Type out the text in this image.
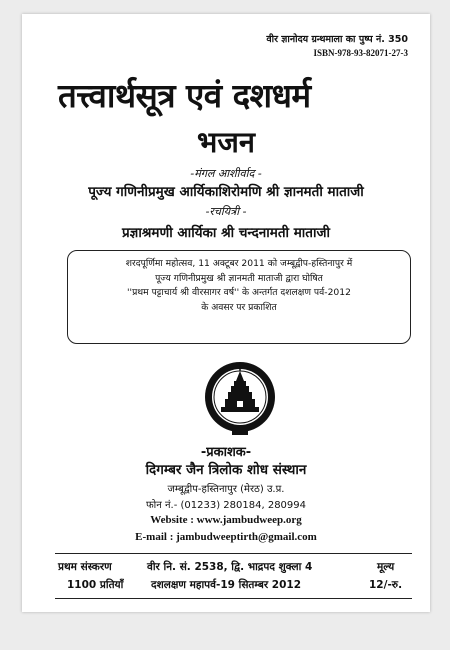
वीर ज्ञानोदय ग्रन्थमाला का पुष्प नं. 350
ISBN-978-93-82071-27-3
तत्त्वार्थसूत्र एवं दशधर्म
भजन
-मंगल आशीर्वाद -
पूज्य गणिनीप्रमुख आर्यिकाशिरोमणि श्री ज्ञानमती माताजी
-रचयित्री -
प्रज्ञाश्रमणी आर्यिका श्री चन्दनामती माताजी
शरदपूर्णिमा महोत्सव, 11 अक्टूबर 2011 को जम्बूद्वीप-हस्तिनापुर में
पूज्य गणिनीप्रमुख श्री ज्ञानमती माताजी द्वारा घोषित
''प्रथम पट्टाचार्य श्री वीरसागर वर्ष'' के अन्तर्गत दशलक्षण पर्व-2012
के अवसर पर प्रकाशित
-प्रकाशक-
दिगम्बर जैन त्रिलोक शोध संस्थान
जम्बूद्वीप-हस्तिनापुर (मेरठ) उ.प्र.
फोन नं.- (01233) 280184, 280994
Website : www.jambudweep.org
E-mail : jambudweeptirth@gmail.com
प्रथम संस्करण
1100 प्रतियाँ
वीर नि. सं. 2538, द्वि. भाद्रपद शुक्ला 4
दशलक्षण महापर्व-19 सितम्बर 2012
मूल्य
12/-रु.
